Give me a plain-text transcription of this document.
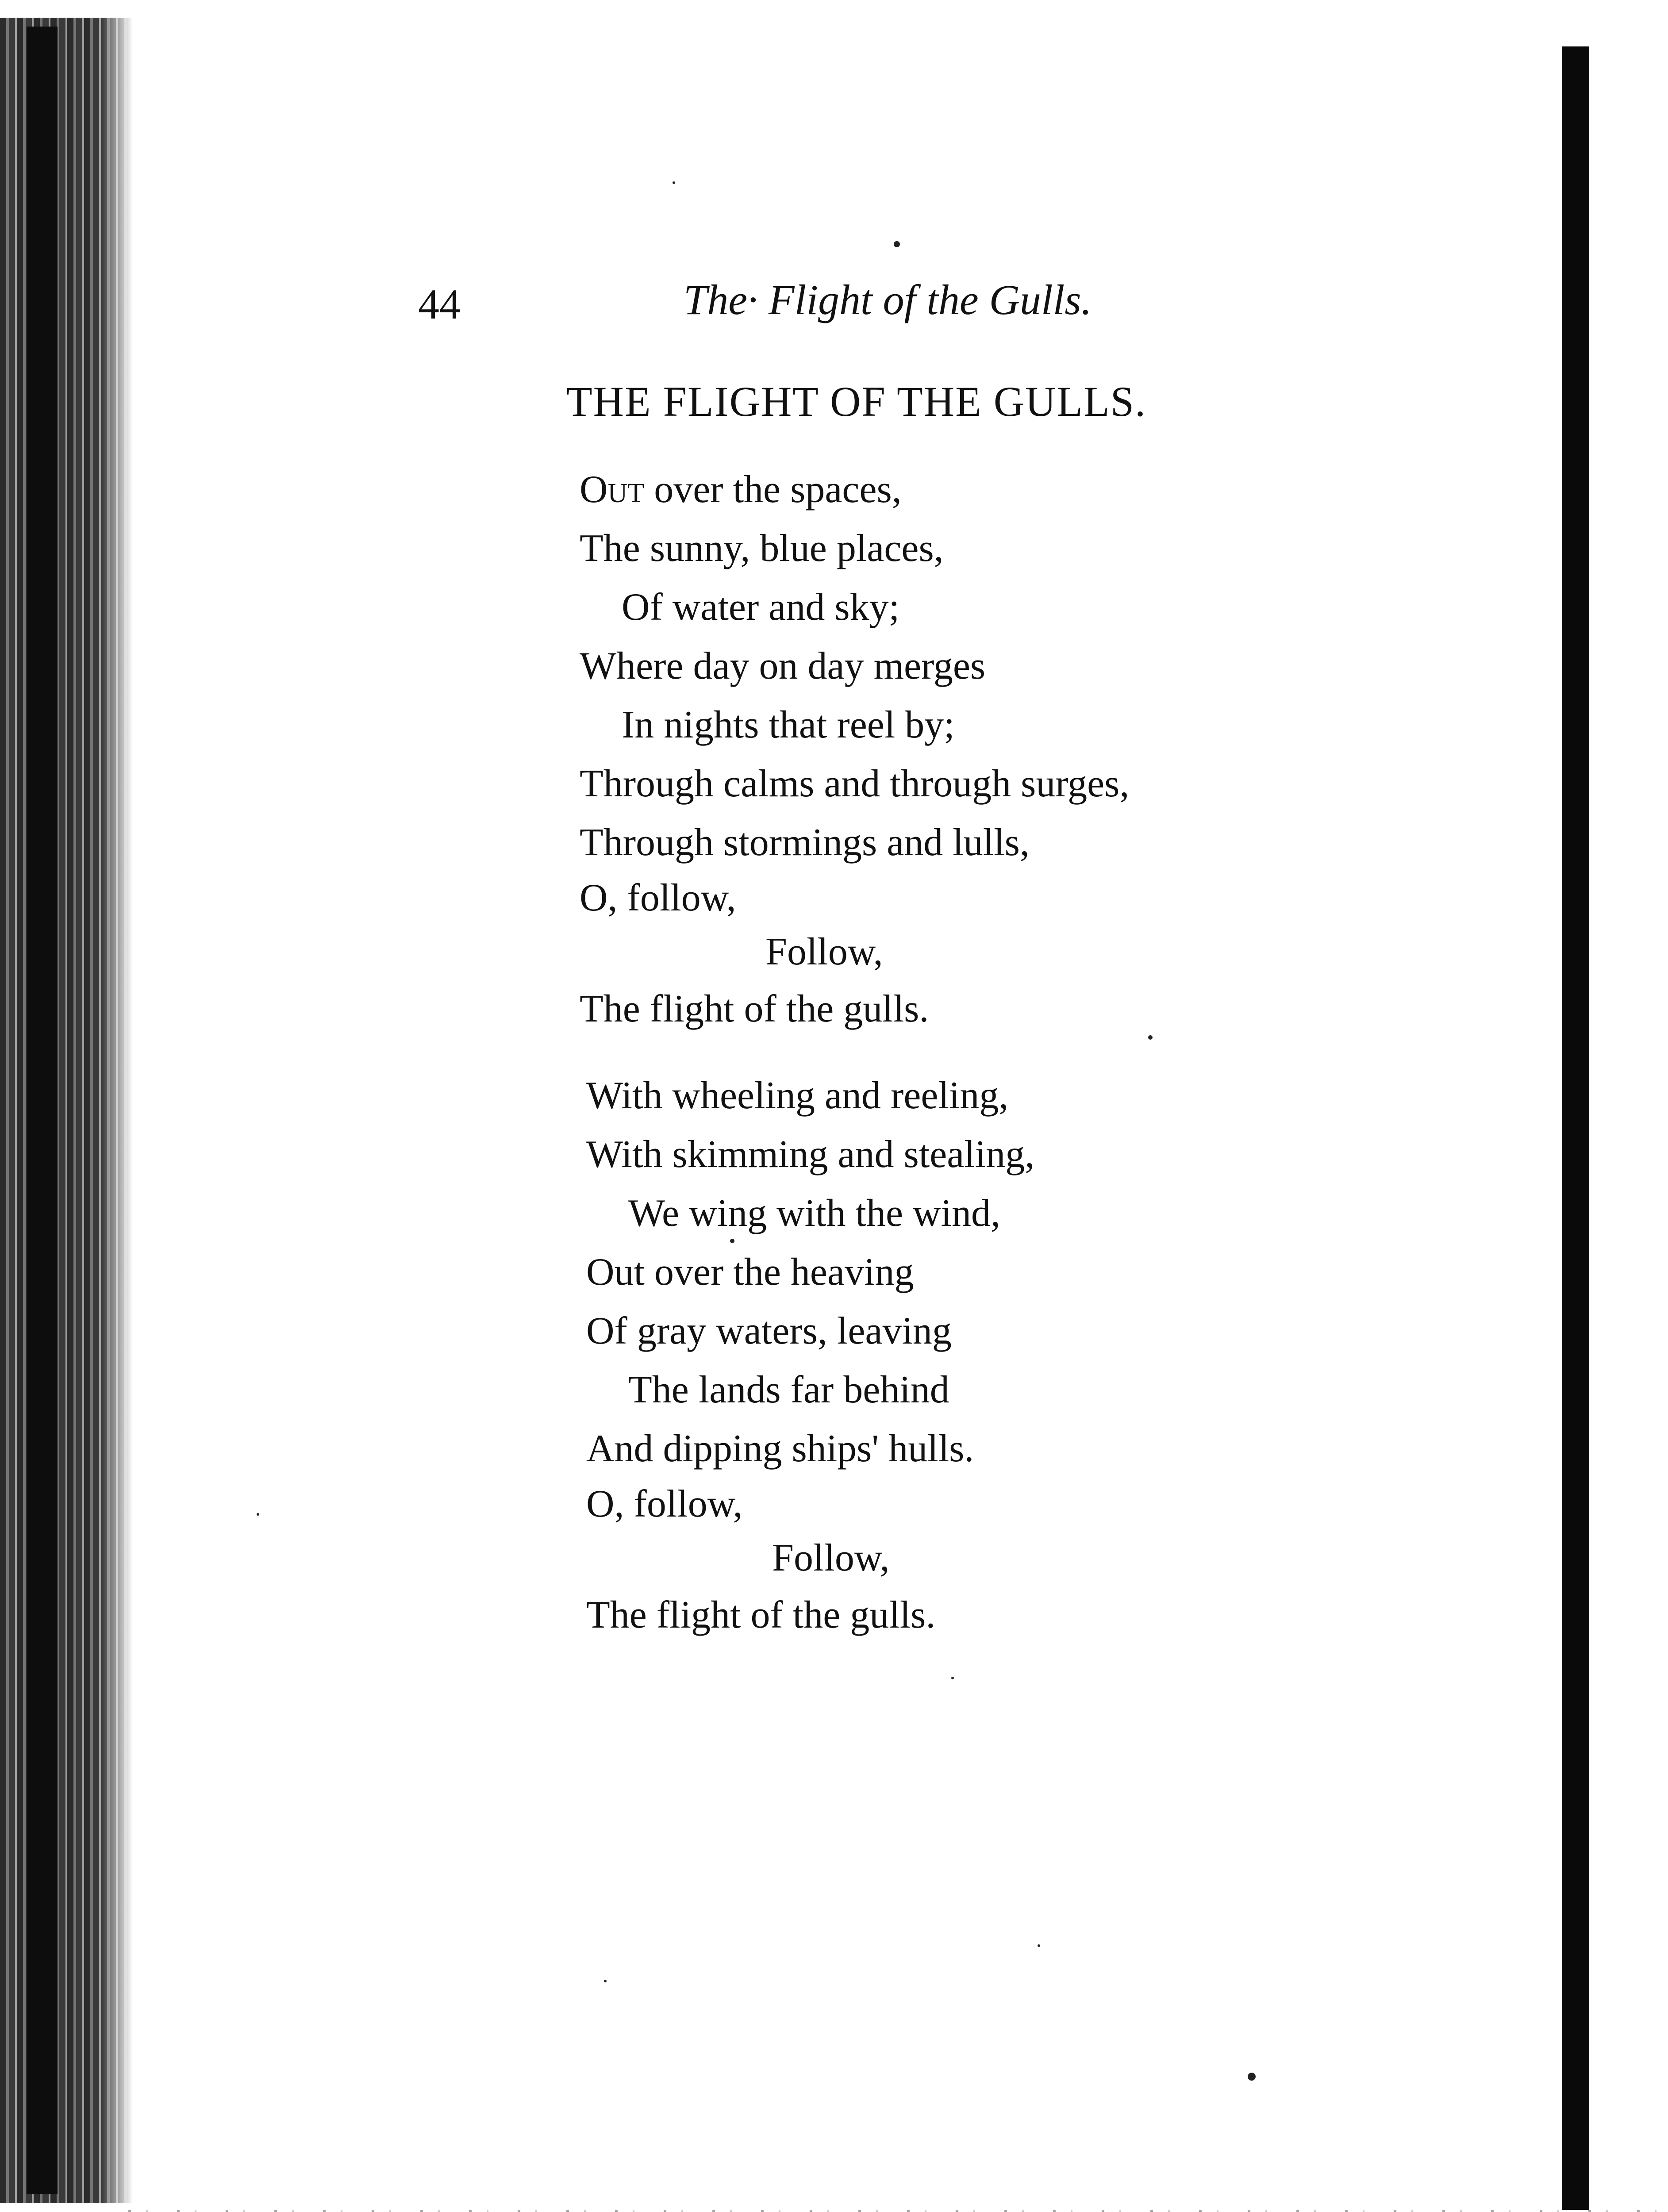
44	The· Flight of the Gulls.
THE FLIGHT OF THE GULLS.
Out over the spaces,
The sunny, blue places,
Of water and sky;
Where day on day merges
In nights that reel by;
Through calms and through surges,
Through stormings and lulls,
O, follow,
Follow,
The flight of the gulls.
With wheeling and reeling,
With skimming and stealing,
We wing with the wind,
Out over the heaving
Of gray waters, leaving
The lands far behind
And dipping ships' hulls.
O, follow,
Follow,
The flight of the gulls.
